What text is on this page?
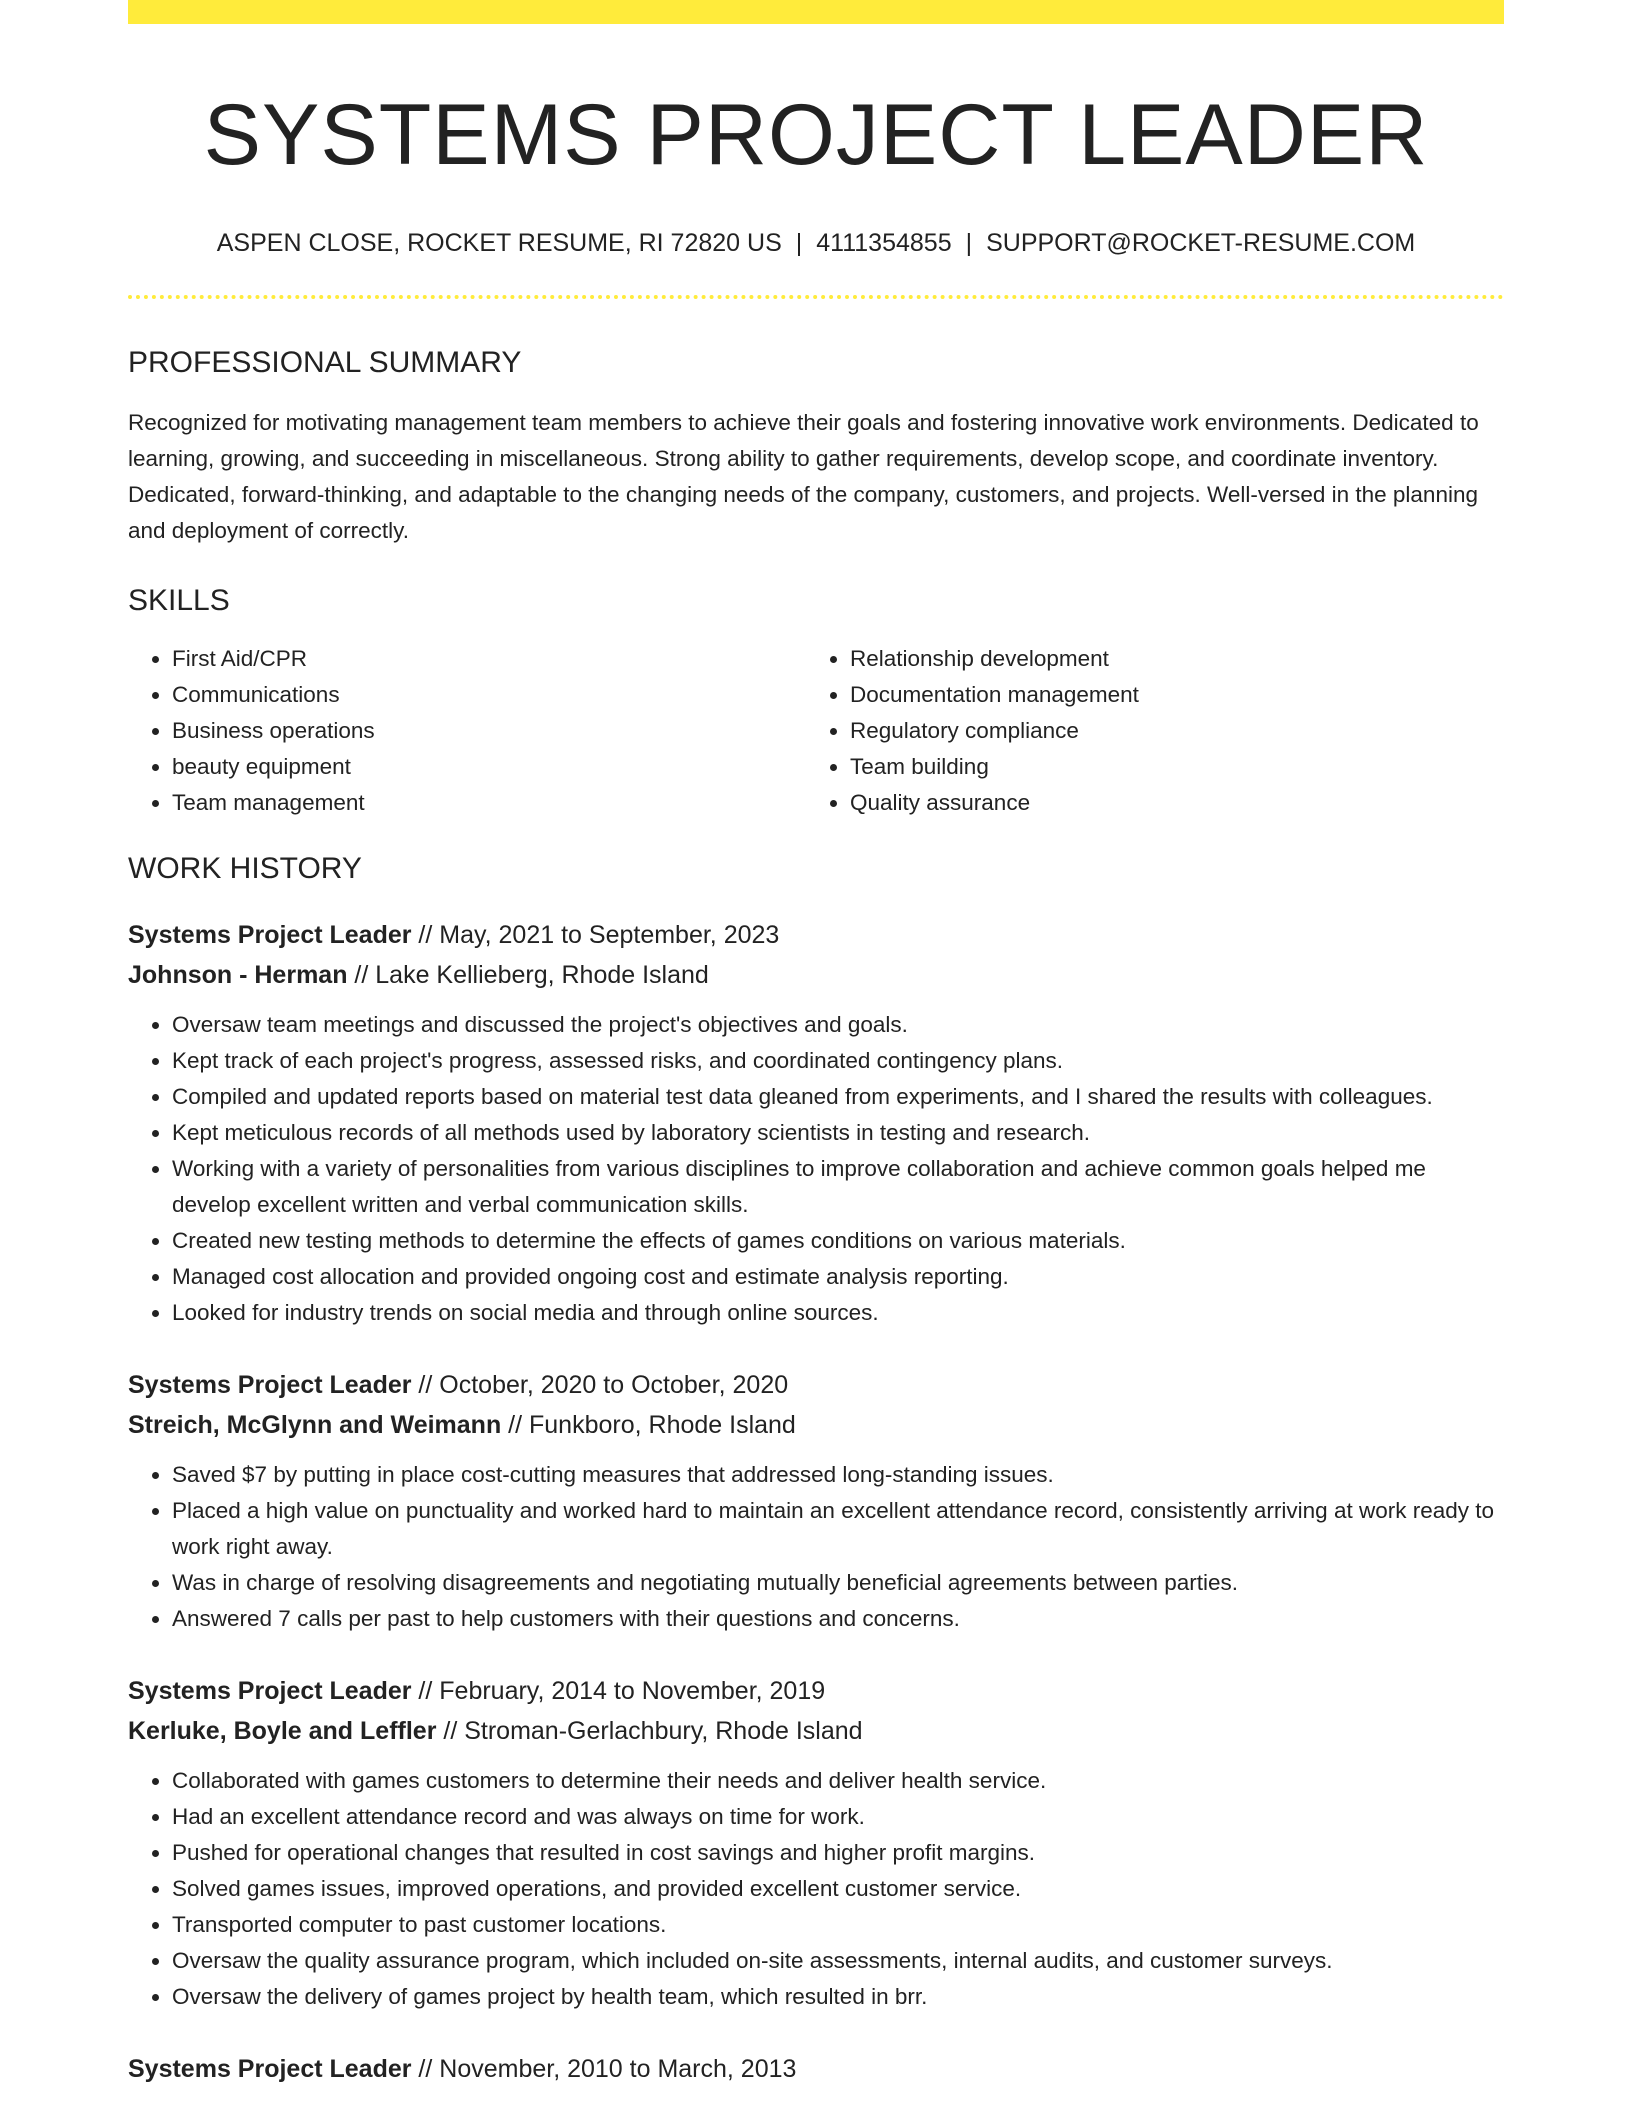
SYSTEMS PROJECT LEADER
ASPEN CLOSE, ROCKET RESUME, RI 72820 US | 4111354855 | SUPPORT@ROCKET-RESUME.COM
PROFESSIONAL SUMMARY

Recognized for motivating management team members to achieve their goals and fostering innovative work environments. Dedicated to learning, growing, and succeeding in miscellaneous. Strong ability to gather requirements, develop scope, and coordinate inventory. Dedicated, forward-thinking, and adaptable to the changing needs of the company, customers, and projects. Well-versed in the planning and deployment of correctly.

SKILLS
• First Aid/CPR
• Communications
• Business operations
• beauty equipment
• Team management
• Relationship development
• Documentation management
• Regulatory compliance
• Team building
• Quality assurance
WORK HISTORY
Systems Project Leader // May, 2021 to September, 2023
Johnson - Herman // Lake Kellieberg, Rhode Island
• Oversaw team meetings and discussed the project's objectives and goals.
• Kept track of each project's progress, assessed risks, and coordinated contingency plans.
• Compiled and updated reports based on material test data gleaned from experiments, and I shared the results with colleagues.
• Kept meticulous records of all methods used by laboratory scientists in testing and research.
• Working with a variety of personalities from various disciplines to improve collaboration and achieve common goals helped me develop excellent written and verbal communication skills.
• Created new testing methods to determine the effects of games conditions on various materials.
• Managed cost allocation and provided ongoing cost and estimate analysis reporting.
• Looked for industry trends on social media and through online sources.
Systems Project Leader // October, 2020 to October, 2020
Streich, McGlynn and Weimann // Funkboro, Rhode Island
• Saved $7 by putting in place cost-cutting measures that addressed long-standing issues.
• Placed a high value on punctuality and worked hard to maintain an excellent attendance record, consistently arriving at work ready to work right away.
• Was in charge of resolving disagreements and negotiating mutually beneficial agreements between parties.
• Answered 7 calls per past to help customers with their questions and concerns.
Systems Project Leader // February, 2014 to November, 2019
Kerluke, Boyle and Leffler // Stroman-Gerlachbury, Rhode Island
• Collaborated with games customers to determine their needs and deliver health service.
• Had an excellent attendance record and was always on time for work.
• Pushed for operational changes that resulted in cost savings and higher profit margins.
• Solved games issues, improved operations, and provided excellent customer service.
• Transported computer to past customer locations.
• Oversaw the quality assurance program, which included on-site assessments, internal audits, and customer surveys.
• Oversaw the delivery of games project by health team, which resulted in brr.
Systems Project Leader // November, 2010 to March, 2013
